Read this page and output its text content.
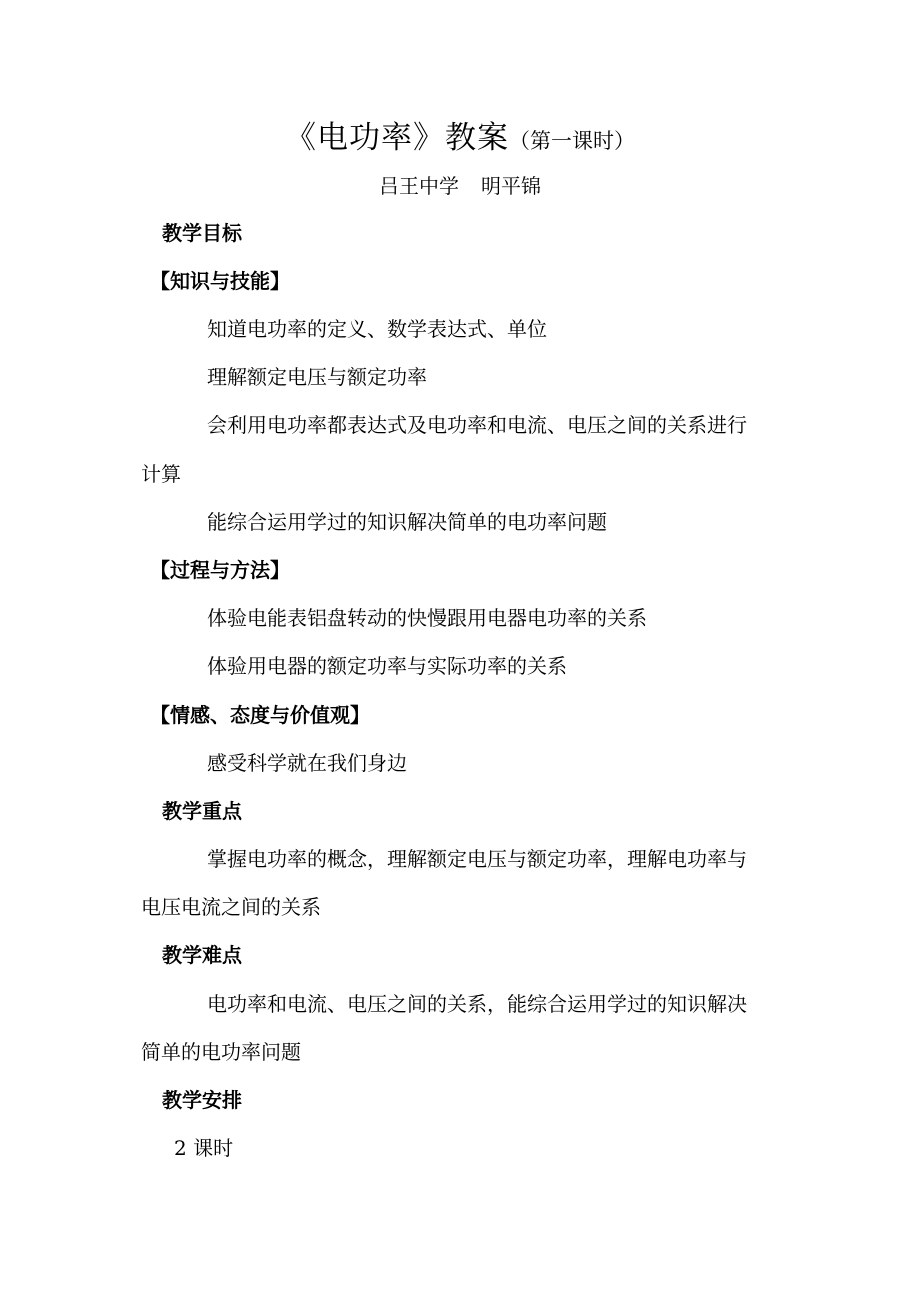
《电功率》教案（第一课时）
吕王中学 明平锦
教学目标
【知识与技能】
知道电功率的定义、数学表达式、单位
理解额定电压与额定功率
会利用电功率都表达式及电功率和电流、电压之间的关系进行
计算
能综合运用学过的知识解决简单的电功率问题
【过程与方法】
体验电能表铝盘转动的快慢跟用电器电功率的关系
体验用电器的额定功率与实际功率的关系
【情感、态度与价值观】
感受科学就在我们身边
教学重点
掌握电功率的概念，理解额定电压与额定功率，理解电功率与
电压电流之间的关系
教学难点
电功率和电流、电压之间的关系，能综合运用学过的知识解决
简单的电功率问题
教学安排
2 课时
